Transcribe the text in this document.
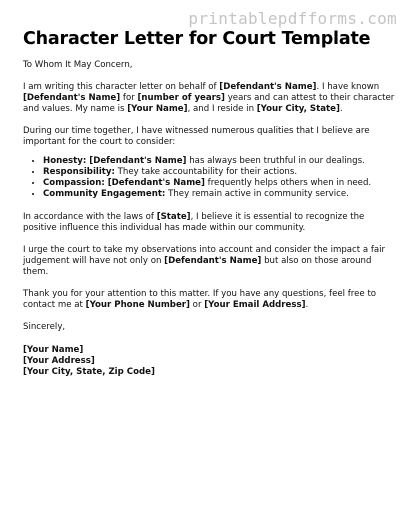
printablepdfforms.com
Character Letter for Court Template

To Whom It May Concern,

I am writing this character letter on behalf of [Defendant's Name]. I have known [Defendant's Name] for [number of years] years and can attest to their character and values. My name is [Your Name], and I reside in [Your City, State].

During our time together, I have witnessed numerous qualities that I believe are important for the court to consider:

• Honesty: [Defendant's Name] has always been truthful in our dealings.
• Responsibility: They take accountability for their actions.
• Compassion: [Defendant's Name] frequently helps others when in need.
• Community Engagement: They remain active in community service.

In accordance with the laws of [State], I believe it is essential to recognize the positive influence this individual has made within our community.

I urge the court to take my observations into account and consider the impact a fair judgement will have not only on [Defendant's Name] but also on those around them.

Thank you for your attention to this matter. If you have any questions, feel free to contact me at [Your Phone Number] or [Your Email Address].

Sincerely,

[Your Name]
[Your Address]
[Your City, State, Zip Code]
